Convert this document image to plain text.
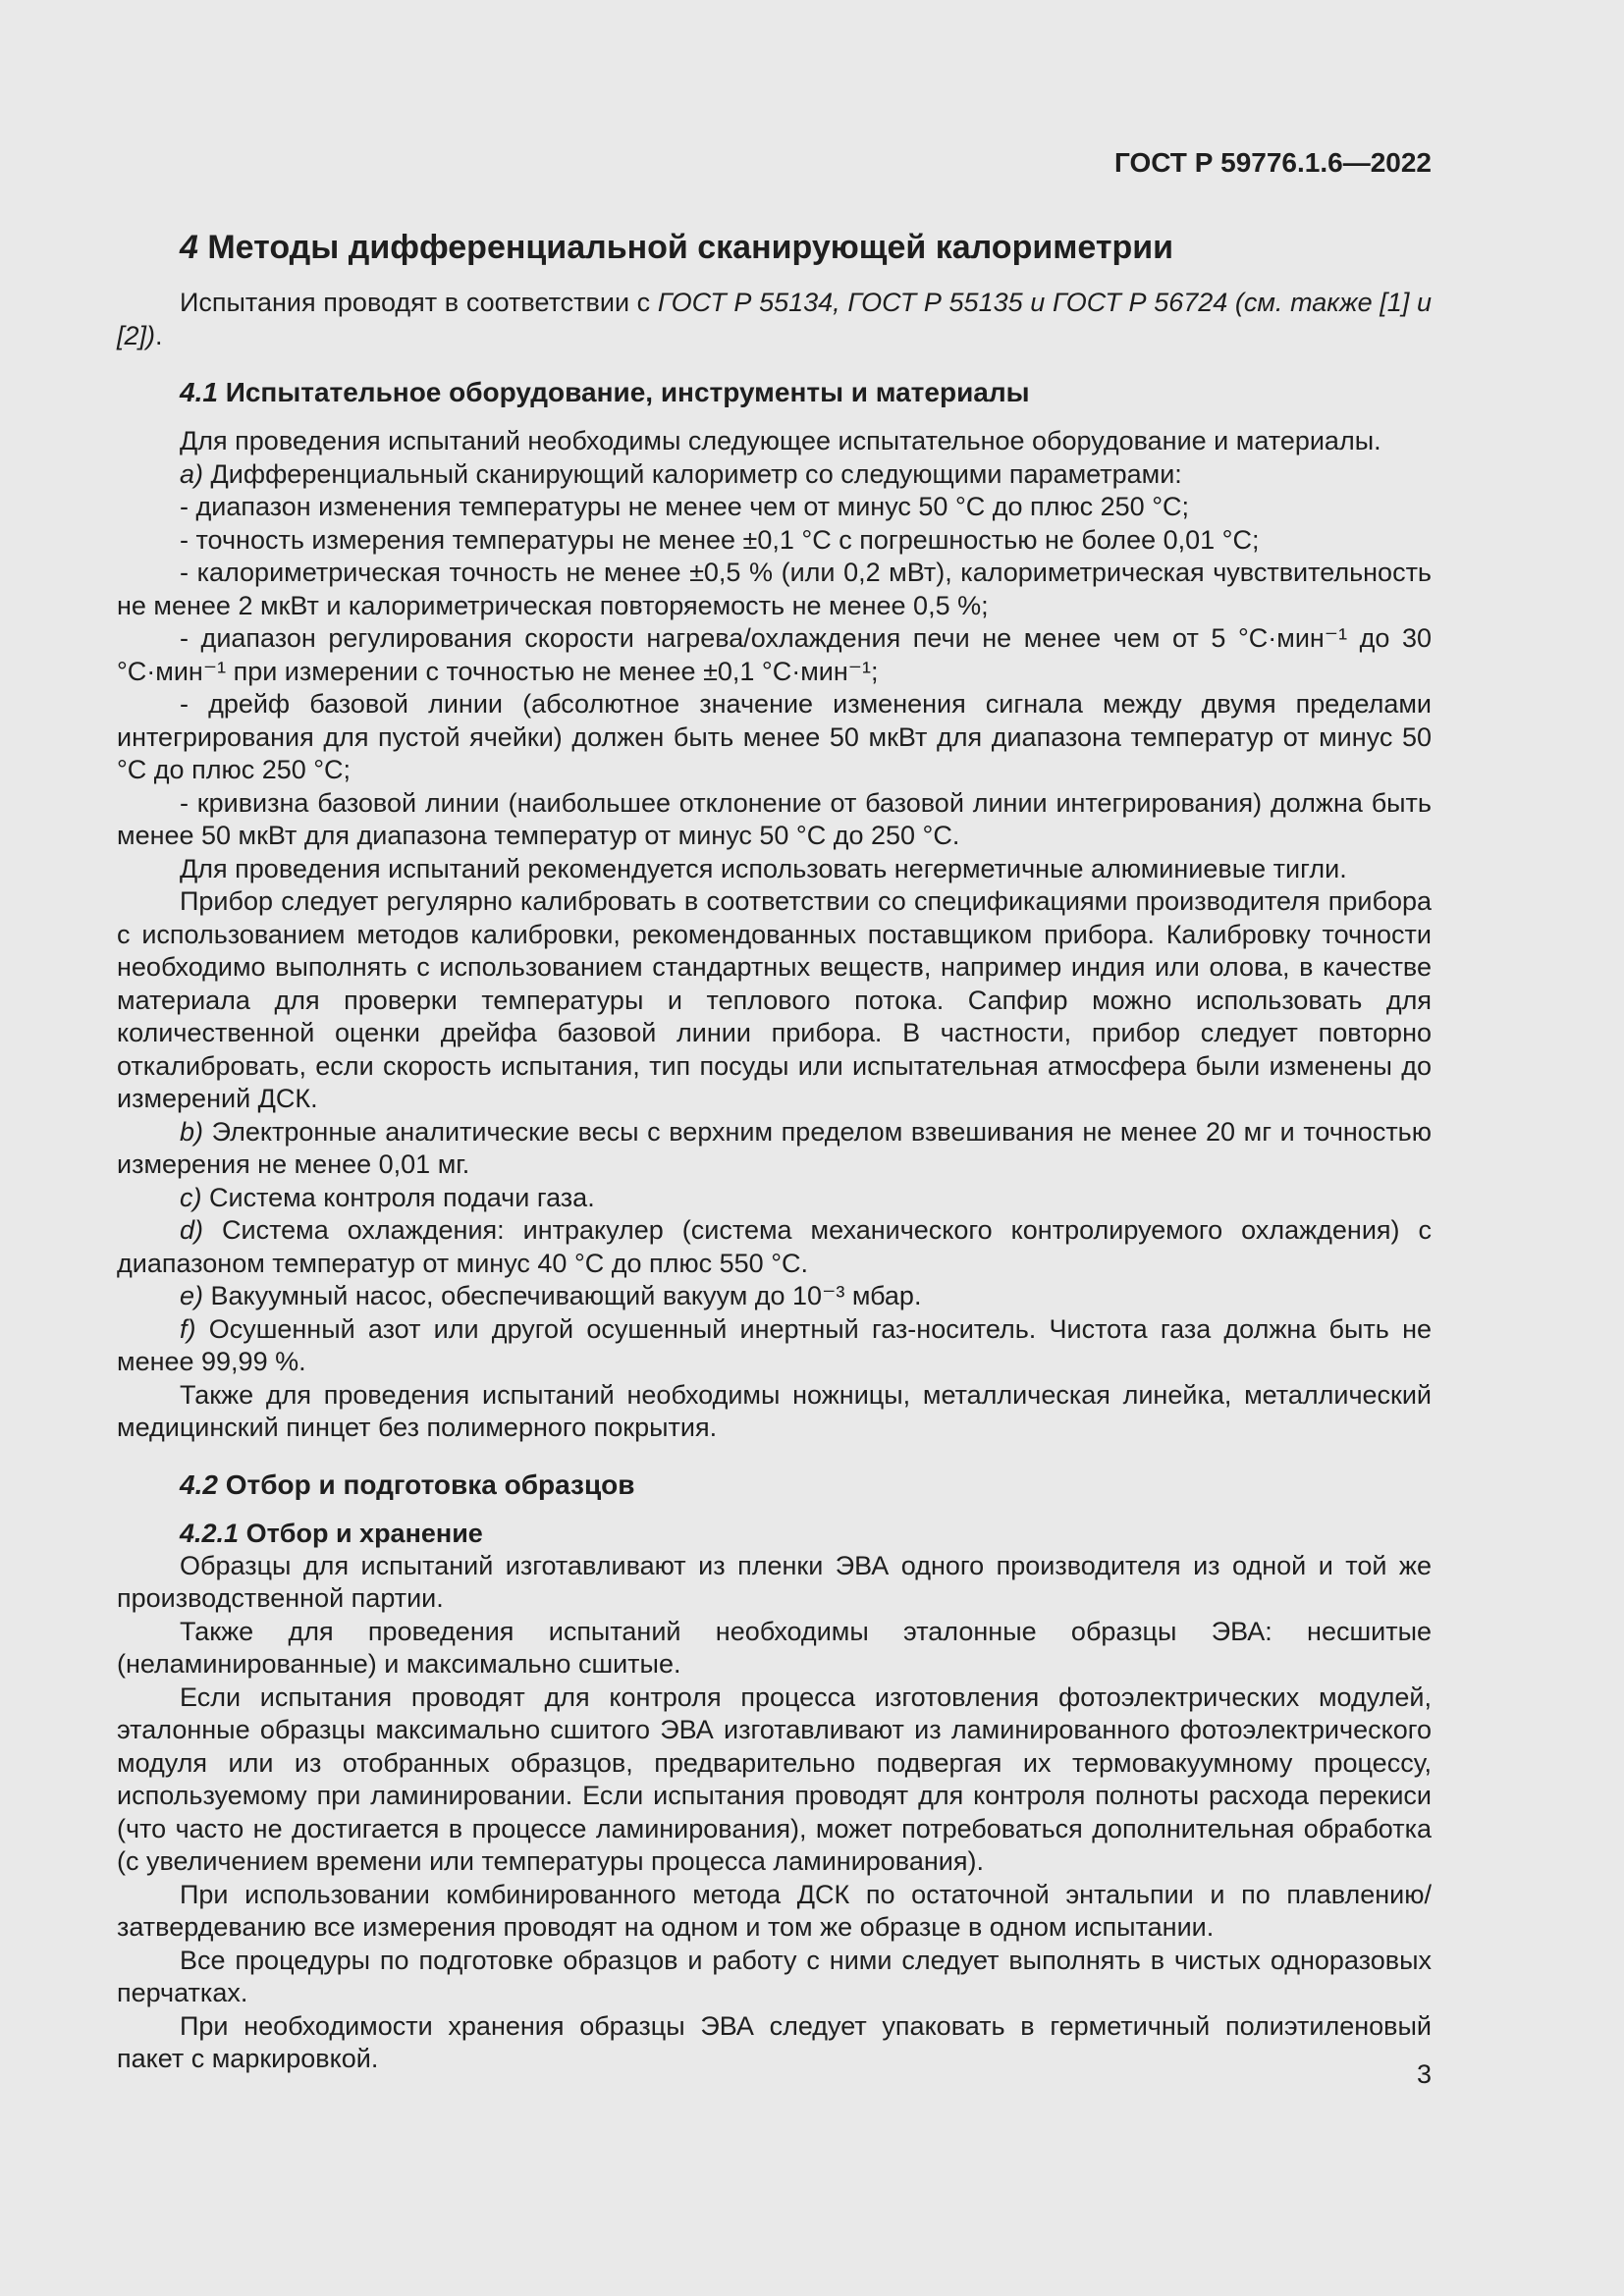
ГОСТ Р 59776.1.6—2022
4 Методы дифференциальной сканирующей калориметрии

Испытания проводят в соответствии с ГОСТ Р 55134, ГОСТ Р 55135 и ГОСТ Р 56724 (см. также [1] и [2]).

4.1 Испытательное оборудование, инструменты и материалы

Для проведения испытаний необходимы следующее испытательное оборудование и материалы.

a) Дифференциальный сканирующий калориметр со следующими параметрами:

- диапазон изменения температуры не менее чем от минус 50 °С до плюс 250 °С;

- точность измерения температуры не менее ±0,1 °С с погрешностью не более 0,01 °С;

- калориметрическая точность не менее ±0,5 % (или 0,2 мВт), калориметрическая чувствительность не менее 2 мкВт и калориметрическая повторяемость не менее 0,5 %;

- диапазон регулирования скорости нагрева/охлаждения печи не менее чем от 5 °С·мин⁻¹ до 30 °С·мин⁻¹ при измерении с точностью не менее ±0,1 °С·мин⁻¹;

- дрейф базовой линии (абсолютное значение изменения сигнала между двумя пределами интегрирования для пустой ячейки) должен быть менее 50 мкВт для диапазона температур от минус 50 °С до плюс 250 °С;

- кривизна базовой линии (наибольшее отклонение от базовой линии интегрирования) должна быть менее 50 мкВт для диапазона температур от минус 50 °С до 250 °С.

Для проведения испытаний рекомендуется использовать негерметичные алюминиевые тигли.

Прибор следует регулярно калибровать в соответствии со спецификациями производителя прибора с использованием методов калибровки, рекомендованных поставщиком прибора. Калибровку точности необходимо выполнять с использованием стандартных веществ, например индия или олова, в качестве материала для проверки температуры и теплового потока. Сапфир можно использовать для количественной оценки дрейфа базовой линии прибора. В частности, прибор следует повторно откалибровать, если скорость испытания, тип посуды или испытательная атмосфера были изменены до измерений ДСК.

b) Электронные аналитические весы с верхним пределом взвешивания не менее 20 мг и точностью измерения не менее 0,01 мг.

c) Система контроля подачи газа.

d) Система охлаждения: интракулер (система механического контролируемого охлаждения) с диапазоном температур от минус 40 °С до плюс 550 °С.

e) Вакуумный насос, обеспечивающий вакуум до 10⁻³ мбар.

f) Осушенный азот или другой осушенный инертный газ-носитель. Чистота газа должна быть не менее 99,99 %.

Также для проведения испытаний необходимы ножницы, металлическая линейка, металлический медицинский пинцет без полимерного покрытия.

4.2 Отбор и подготовка образцов
4.2.1 Отбор и хранение

Образцы для испытаний изготавливают из пленки ЭВА одного производителя из одной и той же производственной партии.

Также для проведения испытаний необходимы эталонные образцы ЭВА: несшитые (неламинированные) и максимально сшитые.

Если испытания проводят для контроля процесса изготовления фотоэлектрических модулей, эталонные образцы максимально сшитого ЭВА изготавливают из ламинированного фотоэлектрического модуля или из отобранных образцов, предварительно подвергая их термовакуумному процессу, используемому при ламинировании. Если испытания проводят для контроля полноты расхода перекиси (что часто не достигается в процессе ламинирования), может потребоваться дополнительная обработка (с увеличением времени или температуры процесса ламинирования).

При использовании комбинированного метода ДСК по остаточной энтальпии и по плавлению/затвердеванию все измерения проводят на одном и том же образце в одном испытании.

Все процедуры по подготовке образцов и работу с ними следует выполнять в чистых одноразовых перчатках.

При необходимости хранения образцы ЭВА следует упаковать в герметичный полиэтиленовый пакет с маркировкой.

3
